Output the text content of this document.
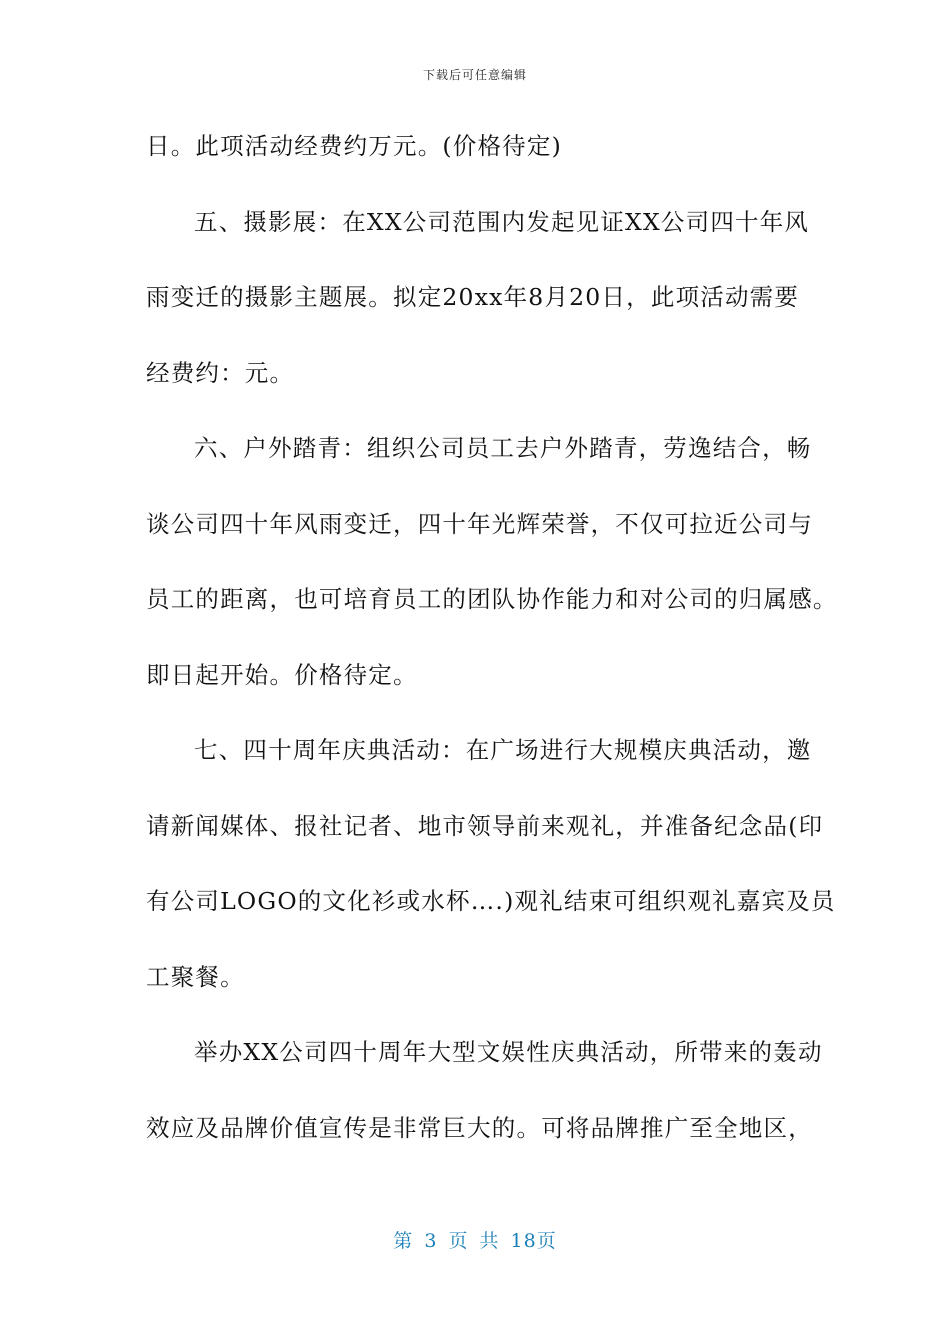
下载后可任意编辑
日。此项活动经费约万元。(价格待定)
五、摄影展：在XX公司范围内发起见证XX公司四十年风
雨变迁的摄影主题展。拟定20xx年8月20日，此项活动需要
经费约：元。
六、户外踏青：组织公司员工去户外踏青，劳逸结合，畅
谈公司四十年风雨变迁，四十年光辉荣誉，不仅可拉近公司与
员工的距离，也可培育员工的团队协作能力和对公司的归属感。
即日起开始。价格待定。
七、四十周年庆典活动：在广场进行大规模庆典活动，邀
请新闻媒体、报社记者、地市领导前来观礼，并准备纪念品(印
有公司LOGO的文化衫或水杯….)观礼结束可组织观礼嘉宾及员
工聚餐。
举办XX公司四十周年大型文娱性庆典活动，所带来的轰动
效应及品牌价值宣传是非常巨大的。可将品牌推广至全地区，
第 3 页 共 18页
